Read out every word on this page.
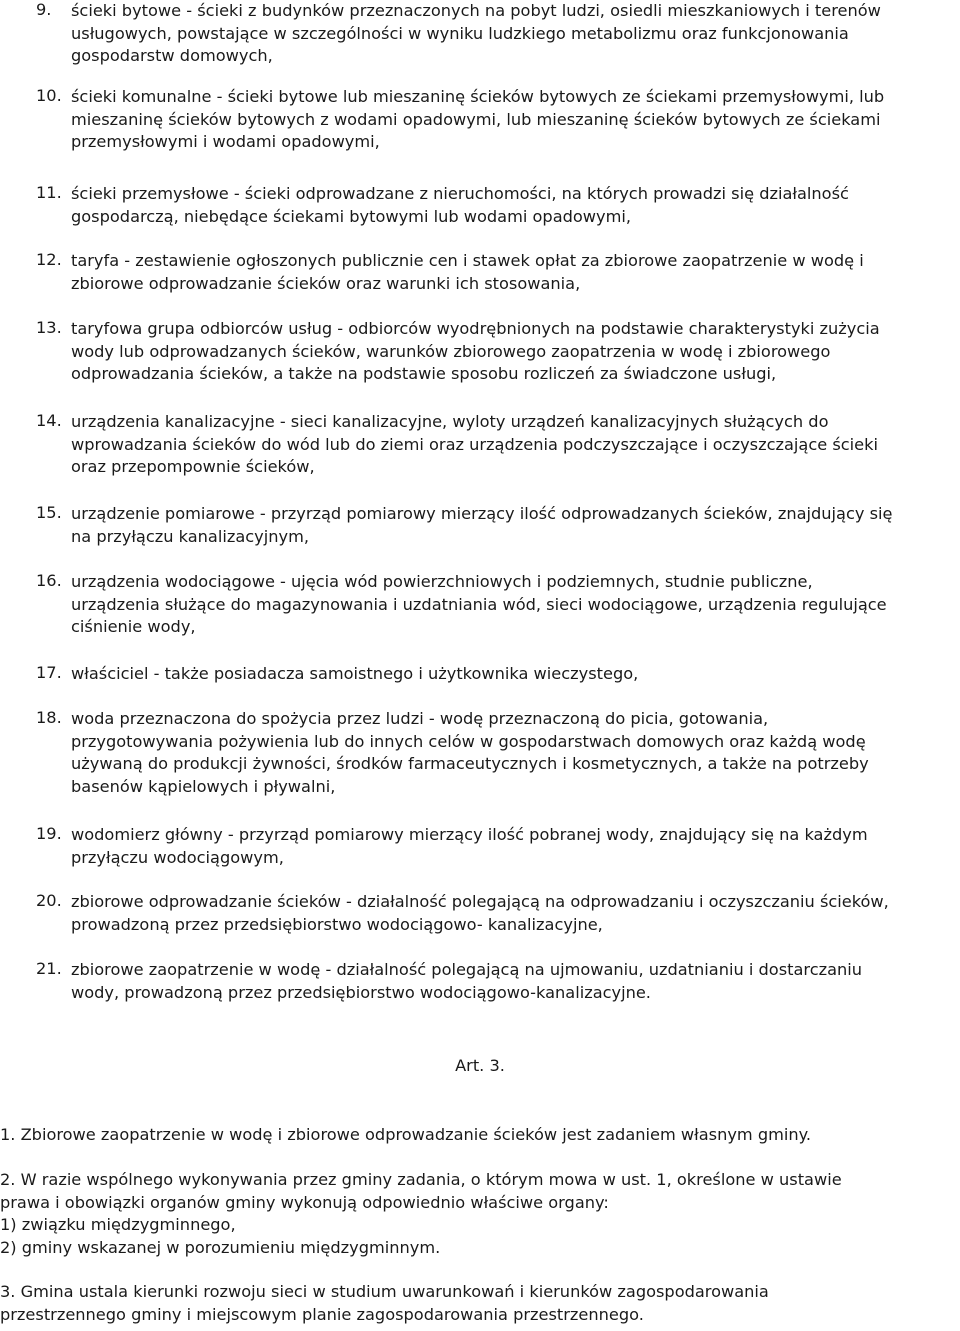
9. ścieki bytowe - ścieki z budynków przeznaczonych na pobyt ludzi, osiedli mieszkaniowych i terenów
usługowych, powstające w szczególności w wyniku ludzkiego metabolizmu oraz funkcjonowania
gospodarstw domowych,
10. ścieki komunalne - ścieki bytowe lub mieszaninę ścieków bytowych ze ściekami przemysłowymi, lub
mieszaninę ścieków bytowych z wodami opadowymi, lub mieszaninę ścieków bytowych ze ściekami
przemysłowymi i wodami opadowymi,
11. ścieki przemysłowe - ścieki odprowadzane z nieruchomości, na których prowadzi się działalność
gospodarczą, niebędące ściekami bytowymi lub wodami opadowymi,
12. taryfa - zestawienie ogłoszonych publicznie cen i stawek opłat za zbiorowe zaopatrzenie w wodę i
zbiorowe odprowadzanie ścieków oraz warunki ich stosowania,
13. taryfowa grupa odbiorców usług - odbiorców wyodrębnionych na podstawie charakterystyki zużycia
wody lub odprowadzanych ścieków, warunków zbiorowego zaopatrzenia w wodę i zbiorowego
odprowadzania ścieków, a także na podstawie sposobu rozliczeń za świadczone usługi,
14. urządzenia kanalizacyjne - sieci kanalizacyjne, wyloty urządzeń kanalizacyjnych służących do
wprowadzania ścieków do wód lub do ziemi oraz urządzenia podczyszczające i oczyszczające ścieki
oraz przepompownie ścieków,
15. urządzenie pomiarowe - przyrząd pomiarowy mierzący ilość odprowadzanych ścieków, znajdujący się
na przyłączu kanalizacyjnym,
16. urządzenia wodociągowe - ujęcia wód powierzchniowych i podziemnych, studnie publiczne,
urządzenia służące do magazynowania i uzdatniania wód, sieci wodociągowe, urządzenia regulujące
ciśnienie wody,
17. właściciel - także posiadacza samoistnego i użytkownika wieczystego,
18. woda przeznaczona do spożycia przez ludzi - wodę przeznaczoną do picia, gotowania,
przygotowywania pożywienia lub do innych celów w gospodarstwach domowych oraz każdą wodę
używaną do produkcji żywności, środków farmaceutycznych i kosmetycznych, a także na potrzeby
basenów kąpielowych i pływalni,
19. wodomierz główny - przyrząd pomiarowy mierzący ilość pobranej wody, znajdujący się na każdym
przyłączu wodociągowym,
20. zbiorowe odprowadzanie ścieków - działalność polegającą na odprowadzaniu i oczyszczaniu ścieków,
prowadzoną przez przedsiębiorstwo wodociągowo- kanalizacyjne,
21. zbiorowe zaopatrzenie w wodę - działalność polegającą na ujmowaniu, uzdatnianiu i dostarczaniu
wody, prowadzoną przez przedsiębiorstwo wodociągowo-kanalizacyjne.
Art. 3.
1. Zbiorowe zaopatrzenie w wodę i zbiorowe odprowadzanie ścieków jest zadaniem własnym gminy.
2. W razie wspólnego wykonywania przez gminy zadania, o którym mowa w ust. 1, określone w ustawie
prawa i obowiązki organów gminy wykonują odpowiednio właściwe organy:
1) związku międzygminnego,
2) gminy wskazanej w porozumieniu międzygminnym.
3. Gmina ustala kierunki rozwoju sieci w studium uwarunkowań i kierunków zagospodarowania
przestrzennego gminy i miejscowym planie zagospodarowania przestrzennego.
